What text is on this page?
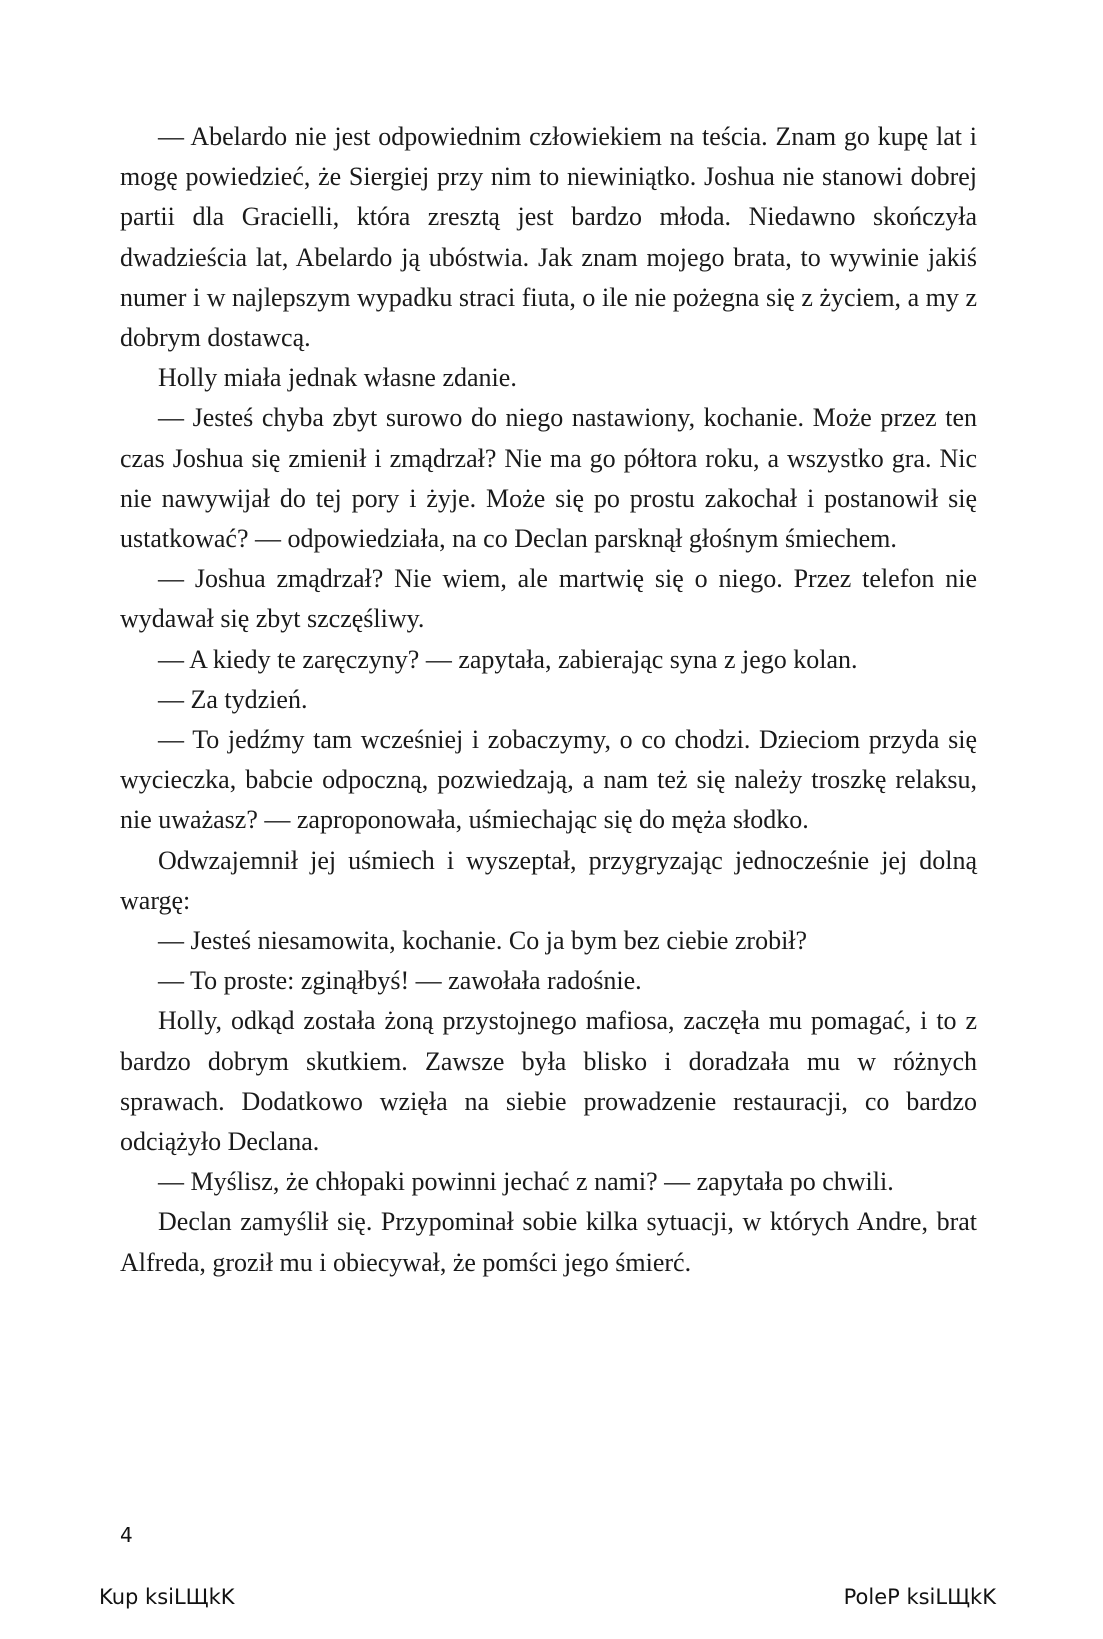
— Abelardo nie jest odpowiednim człowiekiem na teścia. Znam go kupę lat i mogę powiedzieć, że Siergiej przy nim to niewiniątko. Joshua nie stanowi dobrej partii dla Gracielli, która zresztą jest bardzo młoda. Niedawno skończyła dwadzieścia lat, Abelardo ją ubóstwia. Jak znam mojego brata, to wywinie jakiś numer i w najlepszym wypadku straci fiuta, o ile nie pożegna się z życiem, a my z dobrym dostawcą.

Holly miała jednak własne zdanie.

— Jesteś chyba zbyt surowo do niego nastawiony, kochanie. Może przez ten czas Joshua się zmienił i zmądrzał? Nie ma go półtora roku, a wszystko gra. Nic nie nawywijał do tej pory i żyje. Może się po prostu zakochał i postanowił się ustatkować? — odpowiedziała, na co Declan parsknął głośnym śmiechem.

— Joshua zmądrzał? Nie wiem, ale martwię się o niego. Przez telefon nie wydawał się zbyt szczęśliwy.

— A kiedy te zaręczyny? — zapytała, zabierając syna z jego kolan.

— Za tydzień.

— To jedźmy tam wcześniej i zobaczymy, o co chodzi. Dzieciom przyda się wycieczka, babcie odpoczną, pozwiedzają, a nam też się należy troszkę relaksu, nie uważasz? — zaproponowała, uśmiechając się do męża słodko.

Odwzajemnił jej uśmiech i wyszeptał, przygryzając jednocześnie jej dolną wargę:

— Jesteś niesamowita, kochanie. Co ja bym bez ciebie zrobił?

— To proste: zginąłbyś! — zawołała radośnie.

Holly, odkąd została żoną przystojnego mafiosa, zaczęła mu pomagać, i to z bardzo dobrym skutkiem. Zawsze była blisko i doradzała mu w różnych sprawach. Dodatkowo wzięła na siebie prowadzenie restauracji, co bardzo odciążyło Declana.

— Myślisz, że chłopaki powinni jechać z nami? — zapytała po chwili.

Declan zamyślił się. Przypominał sobie kilka sytuacji, w których Andre, brat Alfreda, groził mu i obiecywał, że pomści jego śmierć.

4
Kup ksiLЩkK	PoleP ksiLЩkK
